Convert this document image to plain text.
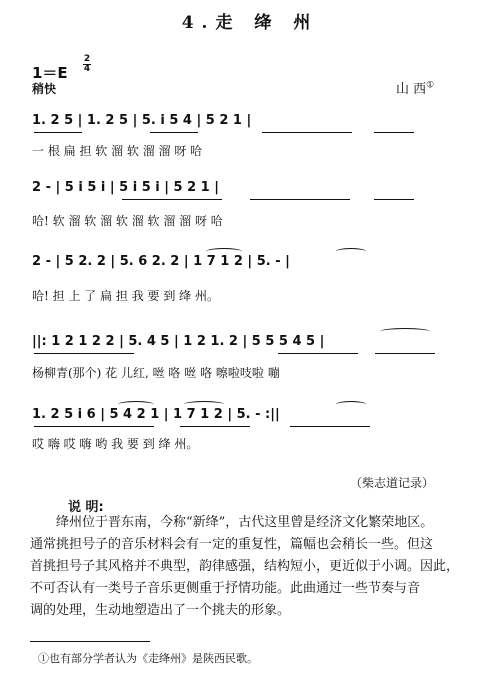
4.走 绛 州
1＝E
2
4
稍快	山 西①
1. 2 5 | 1. 2 5 | 5. i 5 4 | 5 2 1 |
一 根 扁 担 软 溜 软 溜 溜 呀 哈
2 - | 5 i 5 i | 5 i 5 i | 5 2 1 |
哈! 软 溜 软 溜 软 溜 软 溜 溜 呀 哈
2 - | 5 2. 2 | 5. 6 2. 2 | 1 7 1 2 | 5. - |
哈! 担 上 了 扁 担 我 要 到 绛 州。
||: 1 2 1 2 2 | 5. 4 5 | 1 2 1. 2 | 5 5 5 4 5 |
杨柳青(那个) 花 儿红, 咝 咯 咝 咯 嚓啦吱啦 嘣
1. 2 5 i 6 | 5 4 2 1 | 1 7 1 2 | 5. - :||
哎 嗨 哎 嗨 哟 我 要 到 绛 州。
（柴志道记录）
说 明:
绛州位于晋东南，今称“新绛”，古代这里曾是经济文化繁荣地区。
通常挑担号子的音乐材料会有一定的重复性，篇幅也会稍长一些。但这
首挑担号子其风格并不典型，韵律感强，结构短小，更近似于小调。因此，
不可否认有一类号子音乐更侧重于抒情功能。此曲通过一些节奏与音
调的处理，生动地塑造出了一个挑夫的形象。
①也有部分学者认为《走绛州》是陕西民歌。
